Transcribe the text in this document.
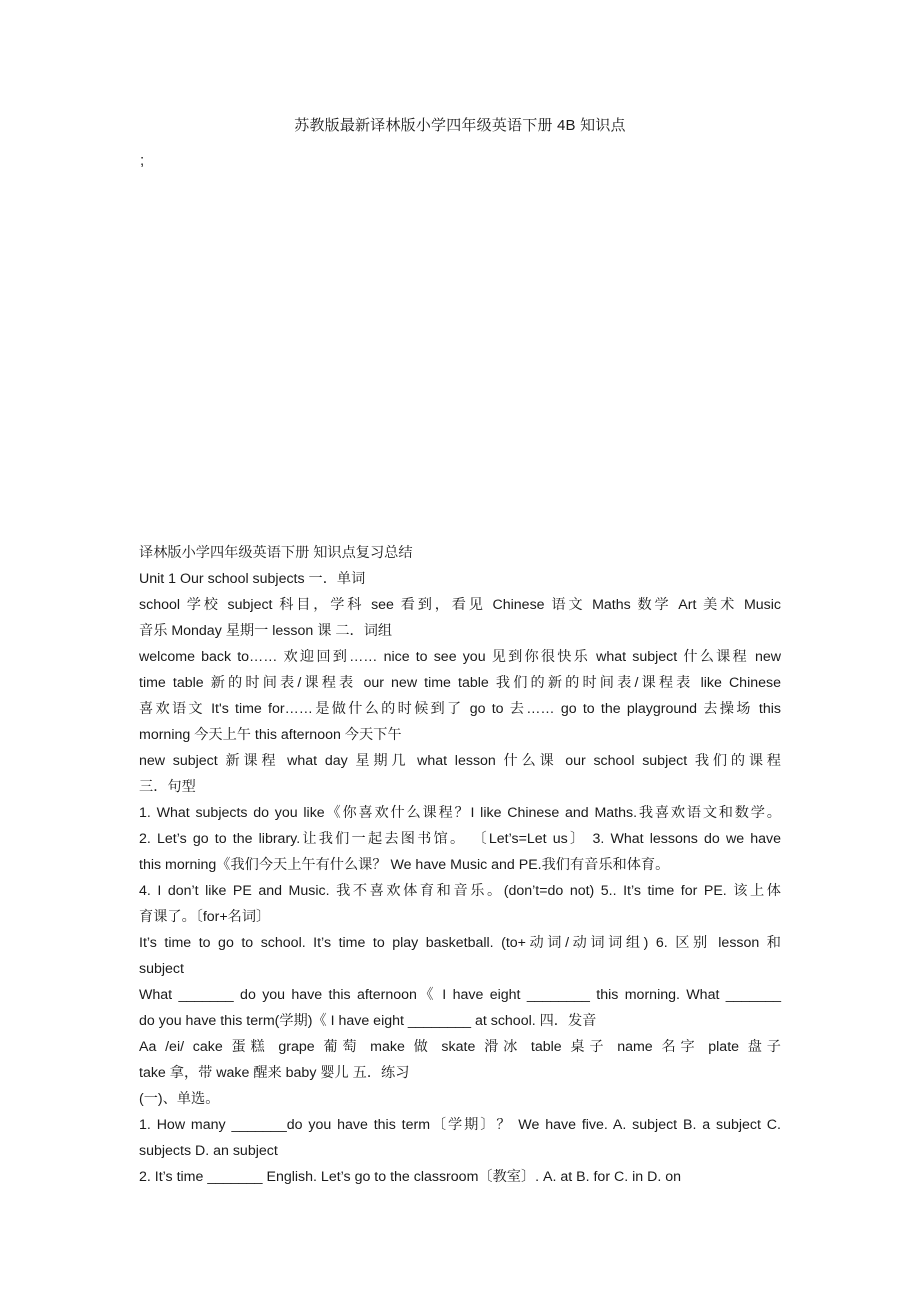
苏教版最新译林版小学四年级英语下册 4B 知识点
;
译林版小学四年级英语下册 知识点复习总结
Unit 1 Our school subjects 一．单词
school 学校 subject 科目，学科 see 看到，看见 Chinese 语文 Maths 数学 Art 美术 Music
音乐 Monday 星期一 lesson 课 二．词组
welcome back to…… 欢迎回到…… nice to see you 见到你很快乐 what subject 什么课程 new
time table 新的时间表/课程表 our new time table 我们的新的时间表/课程表 like Chinese
喜欢语文 It's time for……是做什么的时候到了 go to 去…… go to the playground 去操场 this
morning 今天上午 this afternoon 今天下午
new subject 新课程 what day 星期几 what lesson 什么课 our school subject 我们的课程
三．句型
1. What subjects do you like《你喜欢什么课程？I like Chinese and Maths.我喜欢语文和数学。
2. Let’s go to the library.让我们一起去图书馆。 〔Let’s=Let us〕 3. What lessons do we have
this morning《我们今天上午有什么课？ We have Music and PE.我们有音乐和体育。
4. I don’t like PE and Music. 我不喜欢体育和音乐。(don’t=do not) 5.. It’s time for PE. 该上体
育课了。〔for+名词〕
It’s time to go to school. It’s time to play basketball. (to+动词/动词词组) 6. 区别 lesson 和
subject
What _______ do you have this afternoon《 I have eight ________ this morning. What _______
do you have this term(学期)《 I have eight ________ at school. 四．发音
Aa /ei/ cake 蛋糕 grape 葡萄 make 做 skate 滑冰 table 桌子 name 名字 plate 盘子
take 拿，带 wake 醒来 baby 婴儿 五．练习
(一)、单选。
1. How many _______do you have this term〔学期〕？ We have five. A. subject B. a subject C.
subjects D. an subject
2. It’s time _______ English. Let’s go to the classroom〔教室〕. A. at B. for C. in D. on
